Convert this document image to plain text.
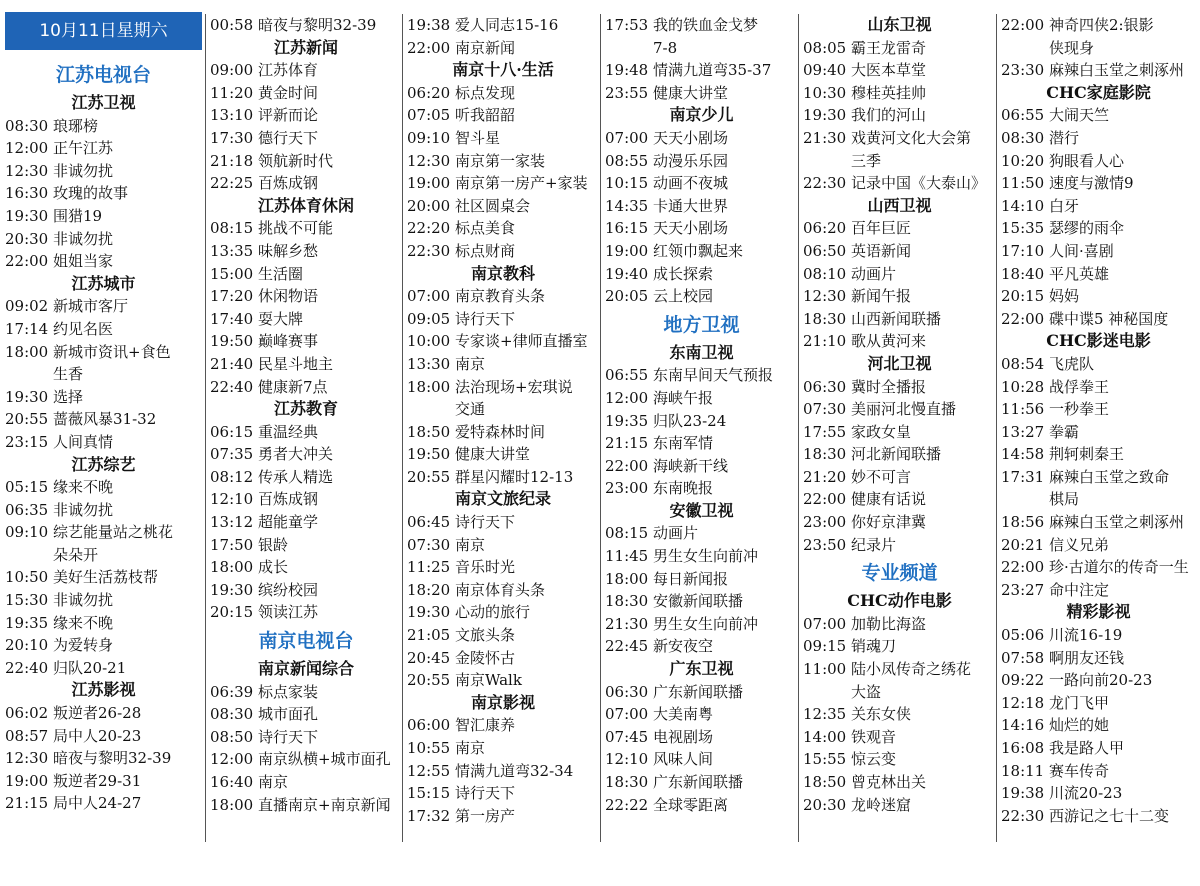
10月11日星期六
江苏电视台
江苏卫视
08:30 琅琊榜
12:00 正午江苏
12:30 非诚勿扰
16:30 玫瑰的故事
19:30 围猎19
20:30 非诚勿扰
22:00 姐姐当家
江苏城市
09:02 新城市客厅
17:14 约见名医
18:00 新城市资讯+食色
生香
19:30 选择
20:55 蔷薇风暴31-32
23:15 人间真情
江苏综艺
05:15 缘来不晚
06:35 非诚勿扰
09:10 综艺能量站之桃花
朵朵开
10:50 美好生活荔枝帮
15:30 非诚勿扰
19:35 缘来不晚
20:10 为爱转身
22:40 归队20-21
江苏影视
06:02 叛逆者26-28
08:57 局中人20-23
12:30 暗夜与黎明32-39
19:00 叛逆者29-31
21:15 局中人24-27
00:58 暗夜与黎明32-39
江苏新闻
09:00 江苏体育
11:20 黄金时间
13:10 评新而论
17:30 德行天下
21:18 领航新时代
22:25 百炼成钢
江苏体育休闲
08:15 挑战不可能
13:35 味解乡愁
15:00 生活圈
17:20 休闲物语
17:40 耍大牌
19:50 巅峰赛事
21:40 民星斗地主
22:40 健康新7点
江苏教育
06:15 重温经典
07:35 勇者大冲关
08:12 传承人精选
12:10 百炼成钢
13:12 超能童学
17:50 银龄
18:00 成长
19:30 缤纷校园
20:15 领读江苏
南京电视台
南京新闻综合
06:39 标点家装
08:30 城市面孔
08:50 诗行天下
12:00 南京纵横+城市面孔
16:40 南京
18:00 直播南京+南京新闻
19:38 爱人同志15-16
22:00 南京新闻
南京十八·生活
06:20 标点发现
07:05 听我韶韶
09:10 智斗星
12:30 南京第一家装
19:00 南京第一房产+家装
20:00 社区圆桌会
22:20 标点美食
22:30 标点财商
南京教科
07:00 南京教育头条
09:05 诗行天下
10:00 专家谈+律师直播室
13:30 南京
18:00 法治现场+宏琪说
交通
18:50 爱特森林时间
19:50 健康大讲堂
20:55 群星闪耀时12-13
南京文旅纪录
06:45 诗行天下
07:30 南京
11:25 音乐时光
18:20 南京体育头条
19:30 心动的旅行
21:05 文旅头条
20:45 金陵怀古
20:55 南京Walk
南京影视
06:00 智汇康养
10:55 南京
12:55 情满九道弯32-34
15:15 诗行天下
17:32 第一房产
17:53 我的铁血金戈梦
7-8
19:48 情满九道弯35-37
23:55 健康大讲堂
南京少儿
07:00 天天小剧场
08:55 动漫乐乐园
10:15 动画不夜城
14:35 卡通大世界
16:15 天天小剧场
19:00 红领巾飘起来
19:40 成长探索
20:05 云上校园
地方卫视
东南卫视
06:55 东南早间天气预报
12:00 海峡午报
19:35 归队23-24
21:15 东南军情
22:00 海峡新干线
23:00 东南晚报
安徽卫视
08:15 动画片
11:45 男生女生向前冲
18:00 每日新闻报
18:30 安徽新闻联播
21:30 男生女生向前冲
22:45 新安夜空
广东卫视
06:30 广东新闻联播
07:00 大美南粤
07:45 电视剧场
12:10 风味人间
18:30 广东新闻联播
22:22 全球零距离
山东卫视
08:05 霸王龙雷奇
09:40 大医本草堂
10:30 穆桂英挂帅
19:30 我们的河山
21:30 戏黄河文化大会第
三季
22:30 记录中国《大泰山》
山西卫视
06:20 百年巨匠
06:50 英语新闻
08:10 动画片
12:30 新闻午报
18:30 山西新闻联播
21:10 歌从黄河来
河北卫视
06:30 冀时全播报
07:30 美丽河北慢直播
17:55 家政女皇
18:30 河北新闻联播
21:20 妙不可言
22:00 健康有话说
23:00 你好京津冀
23:50 纪录片
专业频道
CHC动作电影
07:00 加勒比海盗
09:15 销魂刀
11:00 陆小凤传奇之绣花
大盗
12:35 关东女侠
14:00 铁观音
15:55 惊云变
18:50 曾克林出关
20:30 龙岭迷窟
22:00 神奇四侠2:银影
侠现身
23:30 麻辣白玉堂之刺涿州
CHC家庭影院
06:55 大闹天竺
08:30 潜行
10:20 狗眼看人心
11:50 速度与激情9
14:10 白牙
15:35 瑟缪的雨伞
17:10 人间·喜剧
18:40 平凡英雄
20:15 妈妈
22:00 碟中谍5 神秘国度
CHC影迷电影
08:54 飞虎队
10:28 战俘拳王
11:56 一秒拳王
13:27 拳霸
14:58 荆轲刺秦王
17:31 麻辣白玉堂之致命
棋局
18:56 麻辣白玉堂之刺涿州
20:21 信义兄弟
22:00 珍·古道尔的传奇一生
23:27 命中注定
精彩影视
05:06 川流16-19
07:58 啊朋友还钱
09:22 一路向前20-23
12:18 龙门飞甲
14:16 灿烂的她
16:08 我是路人甲
18:11 赛车传奇
19:38 川流20-23
22:30 西游记之七十二变
